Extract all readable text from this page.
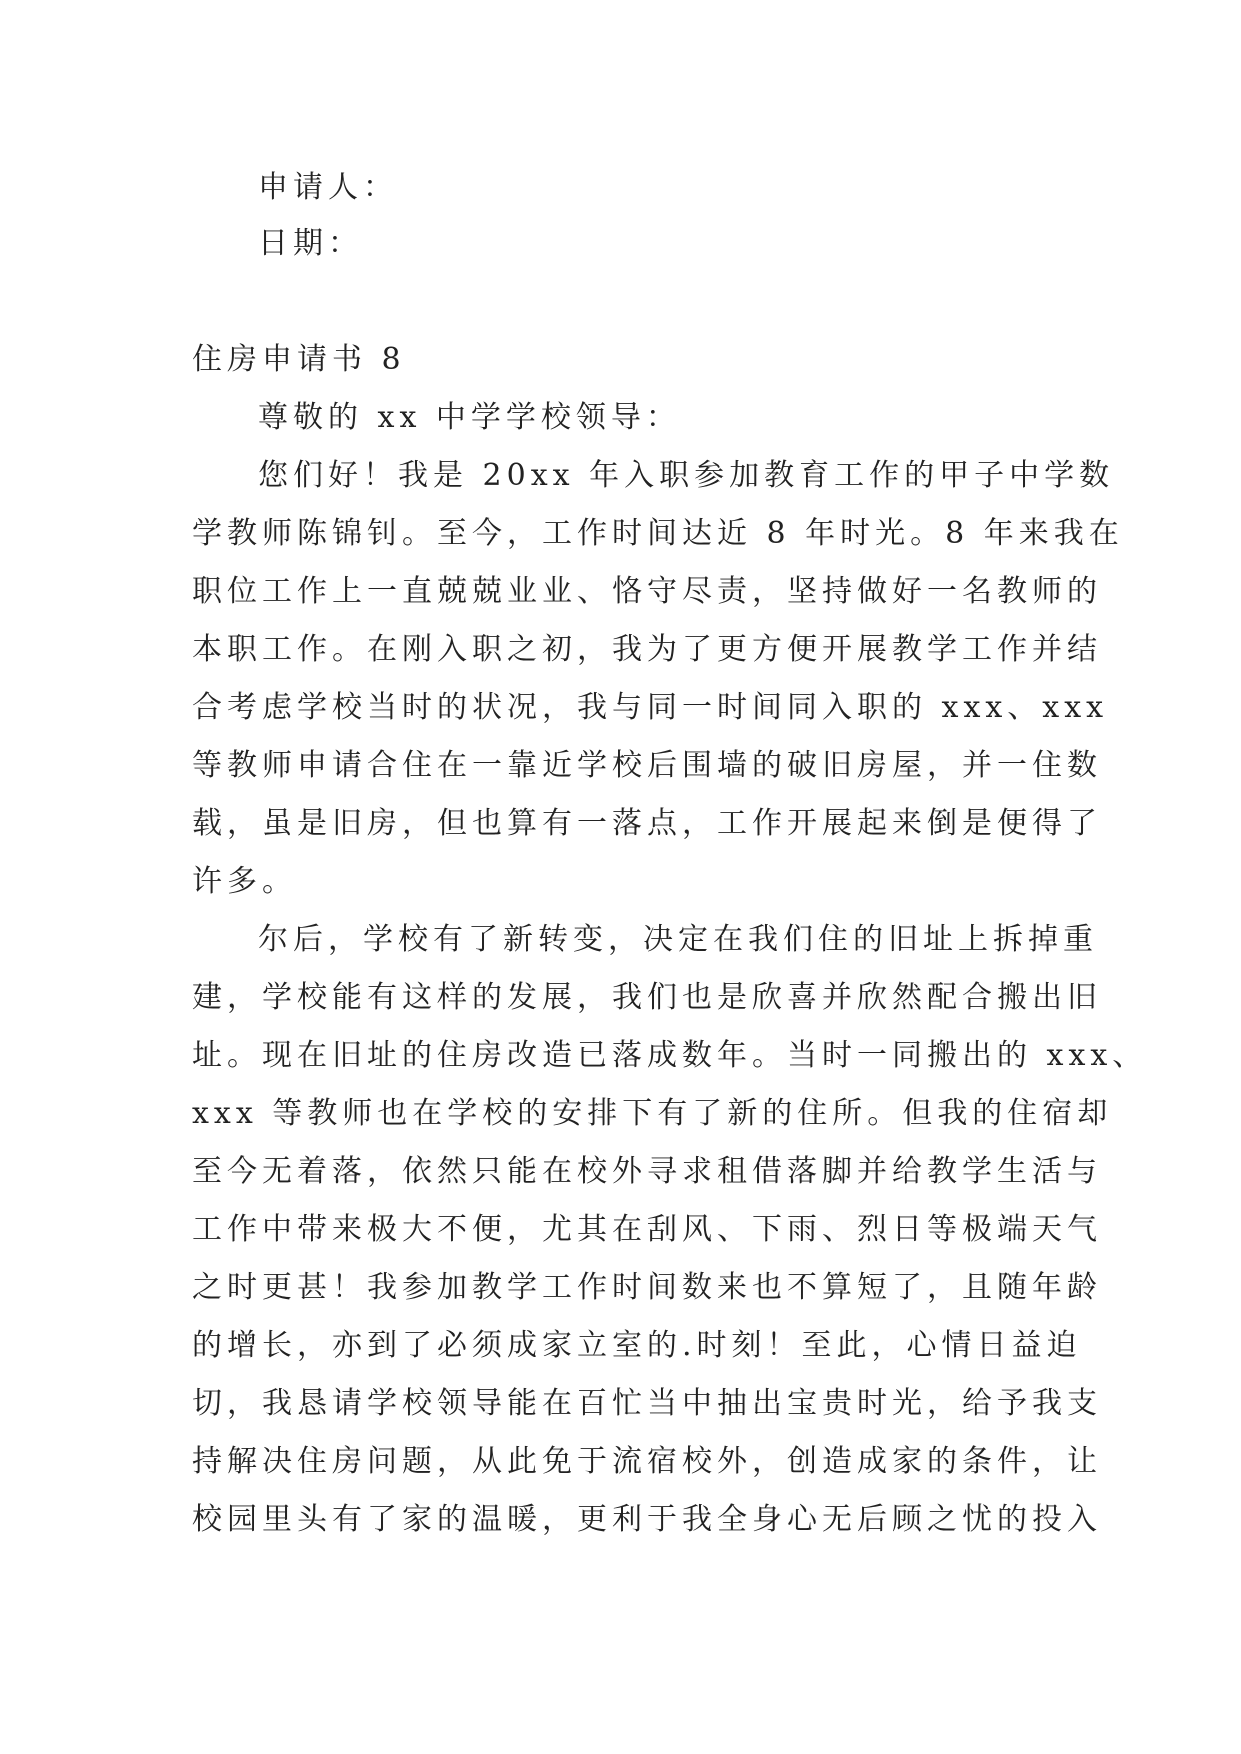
申请人：
日期：
住房申请书 8
尊敬的 xx 中学学校领导：
您们好！我是 20xx 年入职参加教育工作的甲子中学数
学教师陈锦钊。至今，工作时间达近 8 年时光。8 年来我在
职位工作上一直兢兢业业、恪守尽责，坚持做好一名教师的
本职工作。在刚入职之初，我为了更方便开展教学工作并结
合考虑学校当时的状况，我与同一时间同入职的 xxx、xxx
等教师申请合住在一靠近学校后围墙的破旧房屋，并一住数
载，虽是旧房，但也算有一落点，工作开展起来倒是便得了
许多。
尔后，学校有了新转变，决定在我们住的旧址上拆掉重
建，学校能有这样的发展，我们也是欣喜并欣然配合搬出旧
址。现在旧址的住房改造已落成数年。当时一同搬出的 xxx、
xxx 等教师也在学校的安排下有了新的住所。但我的住宿却
至今无着落，依然只能在校外寻求租借落脚并给教学生活与
工作中带来极大不便，尤其在刮风、下雨、烈日等极端天气
之时更甚！我参加教学工作时间数来也不算短了，且随年龄
的增长，亦到了必须成家立室的.时刻！至此，心情日益迫
切，我恳请学校领导能在百忙当中抽出宝贵时光，给予我支
持解决住房问题，从此免于流宿校外，创造成家的条件，让
校园里头有了家的温暖，更利于我全身心无后顾之忧的投入
